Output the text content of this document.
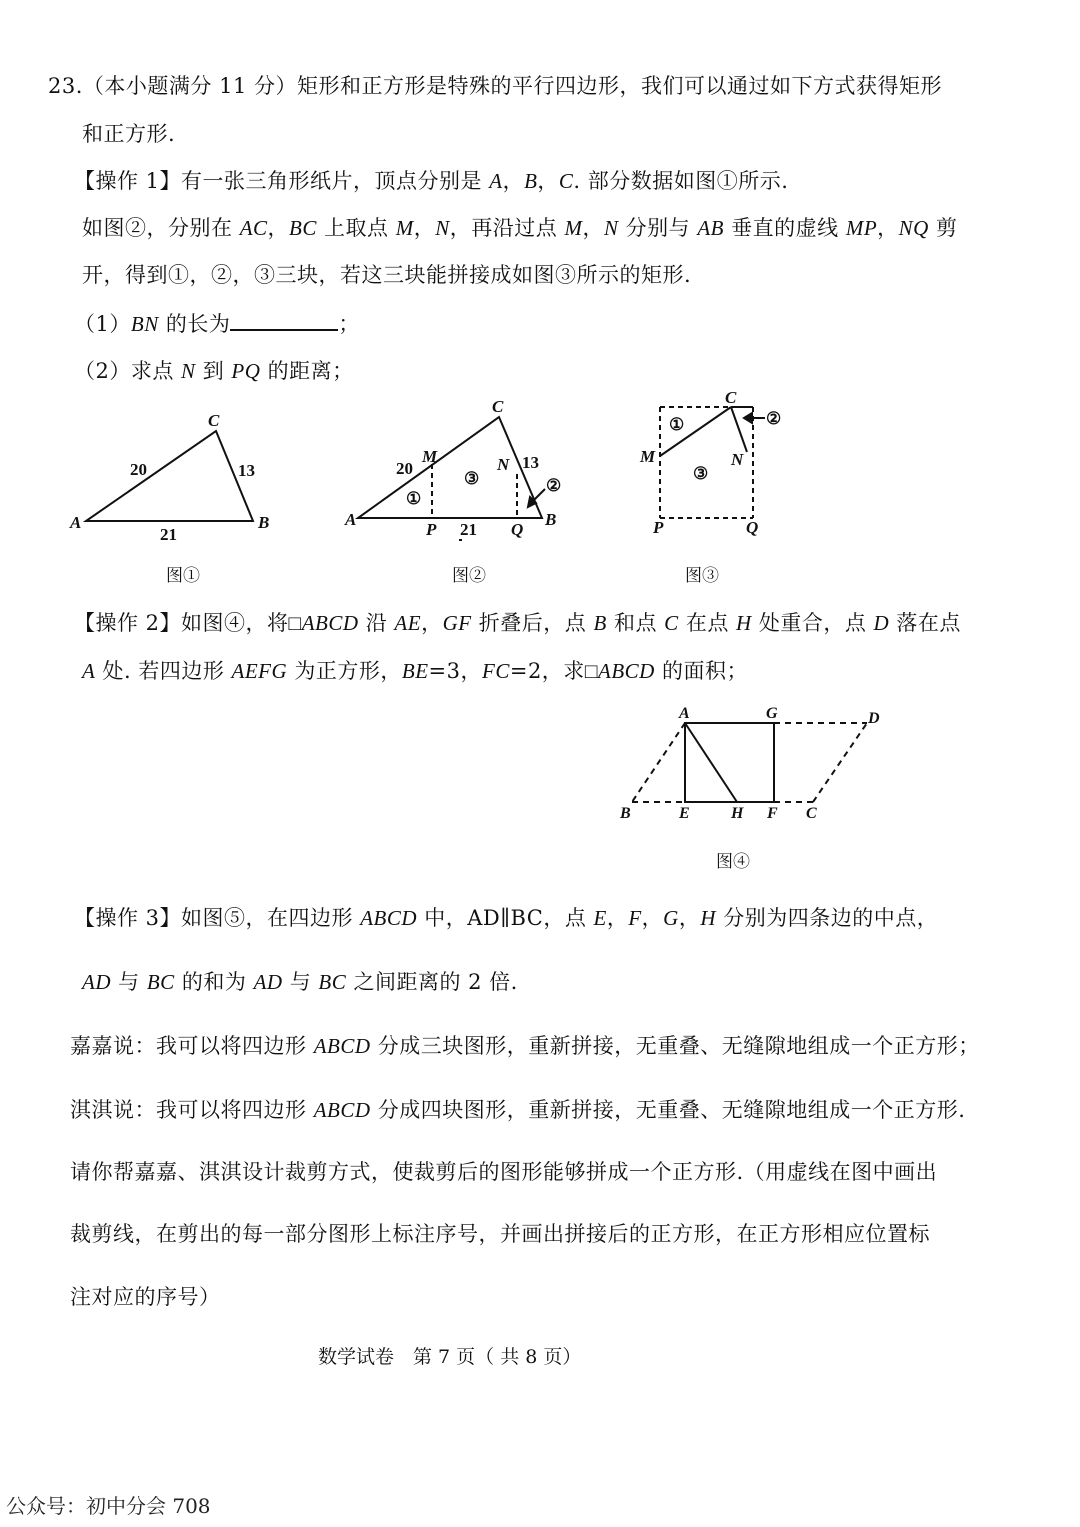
23.（本小题满分 11 分）矩形和正方形是特殊的平行四边形，我们可以通过如下方式获得矩形
和正方形.
【操作 1】有一张三角形纸片，顶点分别是 A，B，C. 部分数据如图①所示.
如图②，分别在 AC，BC 上取点 M，N，再沿过点 M，N 分别与 AB 垂直的虚线 MP，NQ 剪
开，得到①，②，③三块，若这三块能拼接成如图③所示的矩形.
（1）BN 的长为	；
（2）求点 N 到 PQ 的距离；
A	B
C
20	13
21
A	B
C
M	N
P	Q
20	13
21
①
③	②
C
M	N
P	Q
①	②
③
图①	图②	图③
【操作 2】如图④，将□ABCD 沿 AE，GF 折叠后，点 B 和点 C 在点 H 处重合，点 D 落在点
A 处. 若四边形 AEFG 为正方形，BE=3，FC=2，求□ABCD 的面积；
A	G	D
B	E	H F C
图④
【操作 3】如图⑤，在四边形 ABCD 中，AD∥BC，点 E，F，G，H 分别为四条边的中点，
AD 与 BC 的和为 AD 与 BC 之间距离的 2 倍.
嘉嘉说：我可以将四边形 ABCD 分成三块图形，重新拼接，无重叠、无缝隙地组成一个正方形；
淇淇说：我可以将四边形 ABCD 分成四块图形，重新拼接，无重叠、无缝隙地组成一个正方形.
请你帮嘉嘉、淇淇设计裁剪方式，使裁剪后的图形能够拼成一个正方形.（用虚线在图中画出
裁剪线，在剪出的每一部分图形上标注序号，并画出拼接后的正方形，在正方形相应位置标
注对应的序号）
数学试卷　第 7 页（ 共 8 页）
公众号：初中分会 708
